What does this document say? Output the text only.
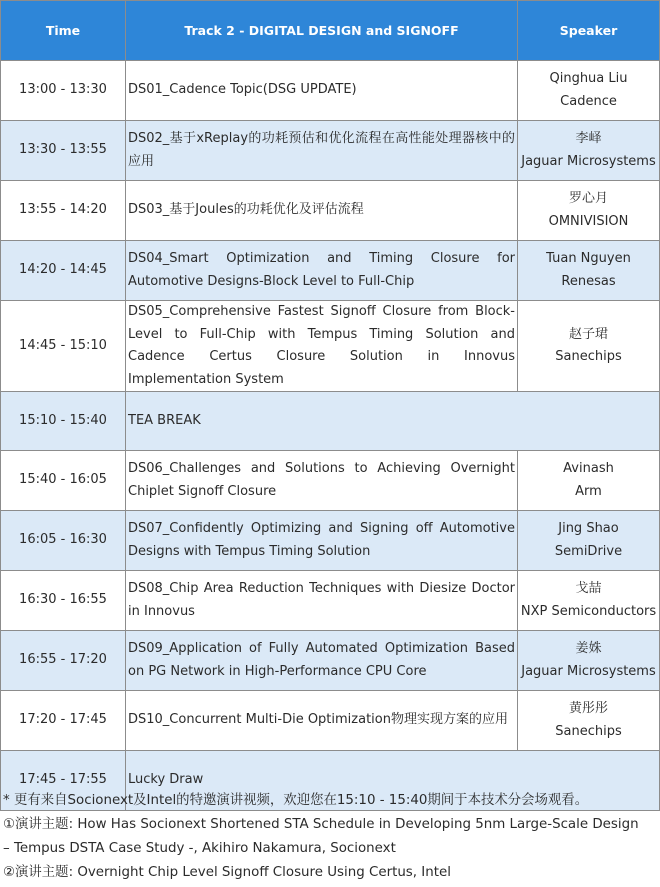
Time	Track 2 - DIGITAL DESIGN and SIGNOFF	Speaker
13:00 - 13:30	DS01_Cadence Topic(DSG UPDATE)	Qinghua Liu
Cadence

13:30 - 13:55	DS02_基于xReplay的功耗预估和优化流程在高性能处理器核中的应用	李峄
Jaguar Microsystems

13:55 - 14:20	DS03_基于Joules的功耗优化及评估流程	罗心月
OMNIVISION

14:20 - 14:45	DS04_Smart Optimization and Timing Closure for Automotive Designs-Block Level to Full-Chip	Tuan Nguyen
Renesas

14:45 - 15:10	DS05_Comprehensive Fastest Signoff Closure from Block-Level to Full-Chip with Tempus Timing Solution and Cadence Certus Closure Solution in Innovus Implementation System	赵子珺
Sanechips

15:10 - 15:40	TEA BREAK	
15:40 - 16:05	DS06_Challenges and Solutions to Achieving Overnight Chiplet Signoff Closure	Avinash
Arm

16:05 - 16:30	DS07_Confidently Optimizing and Signing off Automotive Designs with Tempus Timing Solution	Jing Shao
SemiDrive

16:30 - 16:55	DS08_Chip Area Reduction Techniques with Diesize Doctor in Innovus	戈喆
NXP Semiconductors

16:55 - 17:20	DS09_Application of Fully Automated Optimization Based on PG Network in High-Performance CPU Core	姜姝
Jaguar Microsystems

17:20 - 17:45	DS10_Concurrent Multi-Die Optimization物理实现方案的应用	黄彤彤
Sanechips

17:45 - 17:55	Lucky Draw	
* 更有来自Socionext及Intel的特邀演讲视频，欢迎您在15:10 - 15:40期间于本技术分会场观看。
①演讲主题: How Has Socionext Shortened STA Schedule in Developing 5nm Large-Scale Design
– Tempus DSTA Case Study -, Akihiro Nakamura, Socionext
②演讲主题: Overnight Chip Level Signoff Closure Using Certus, Intel
